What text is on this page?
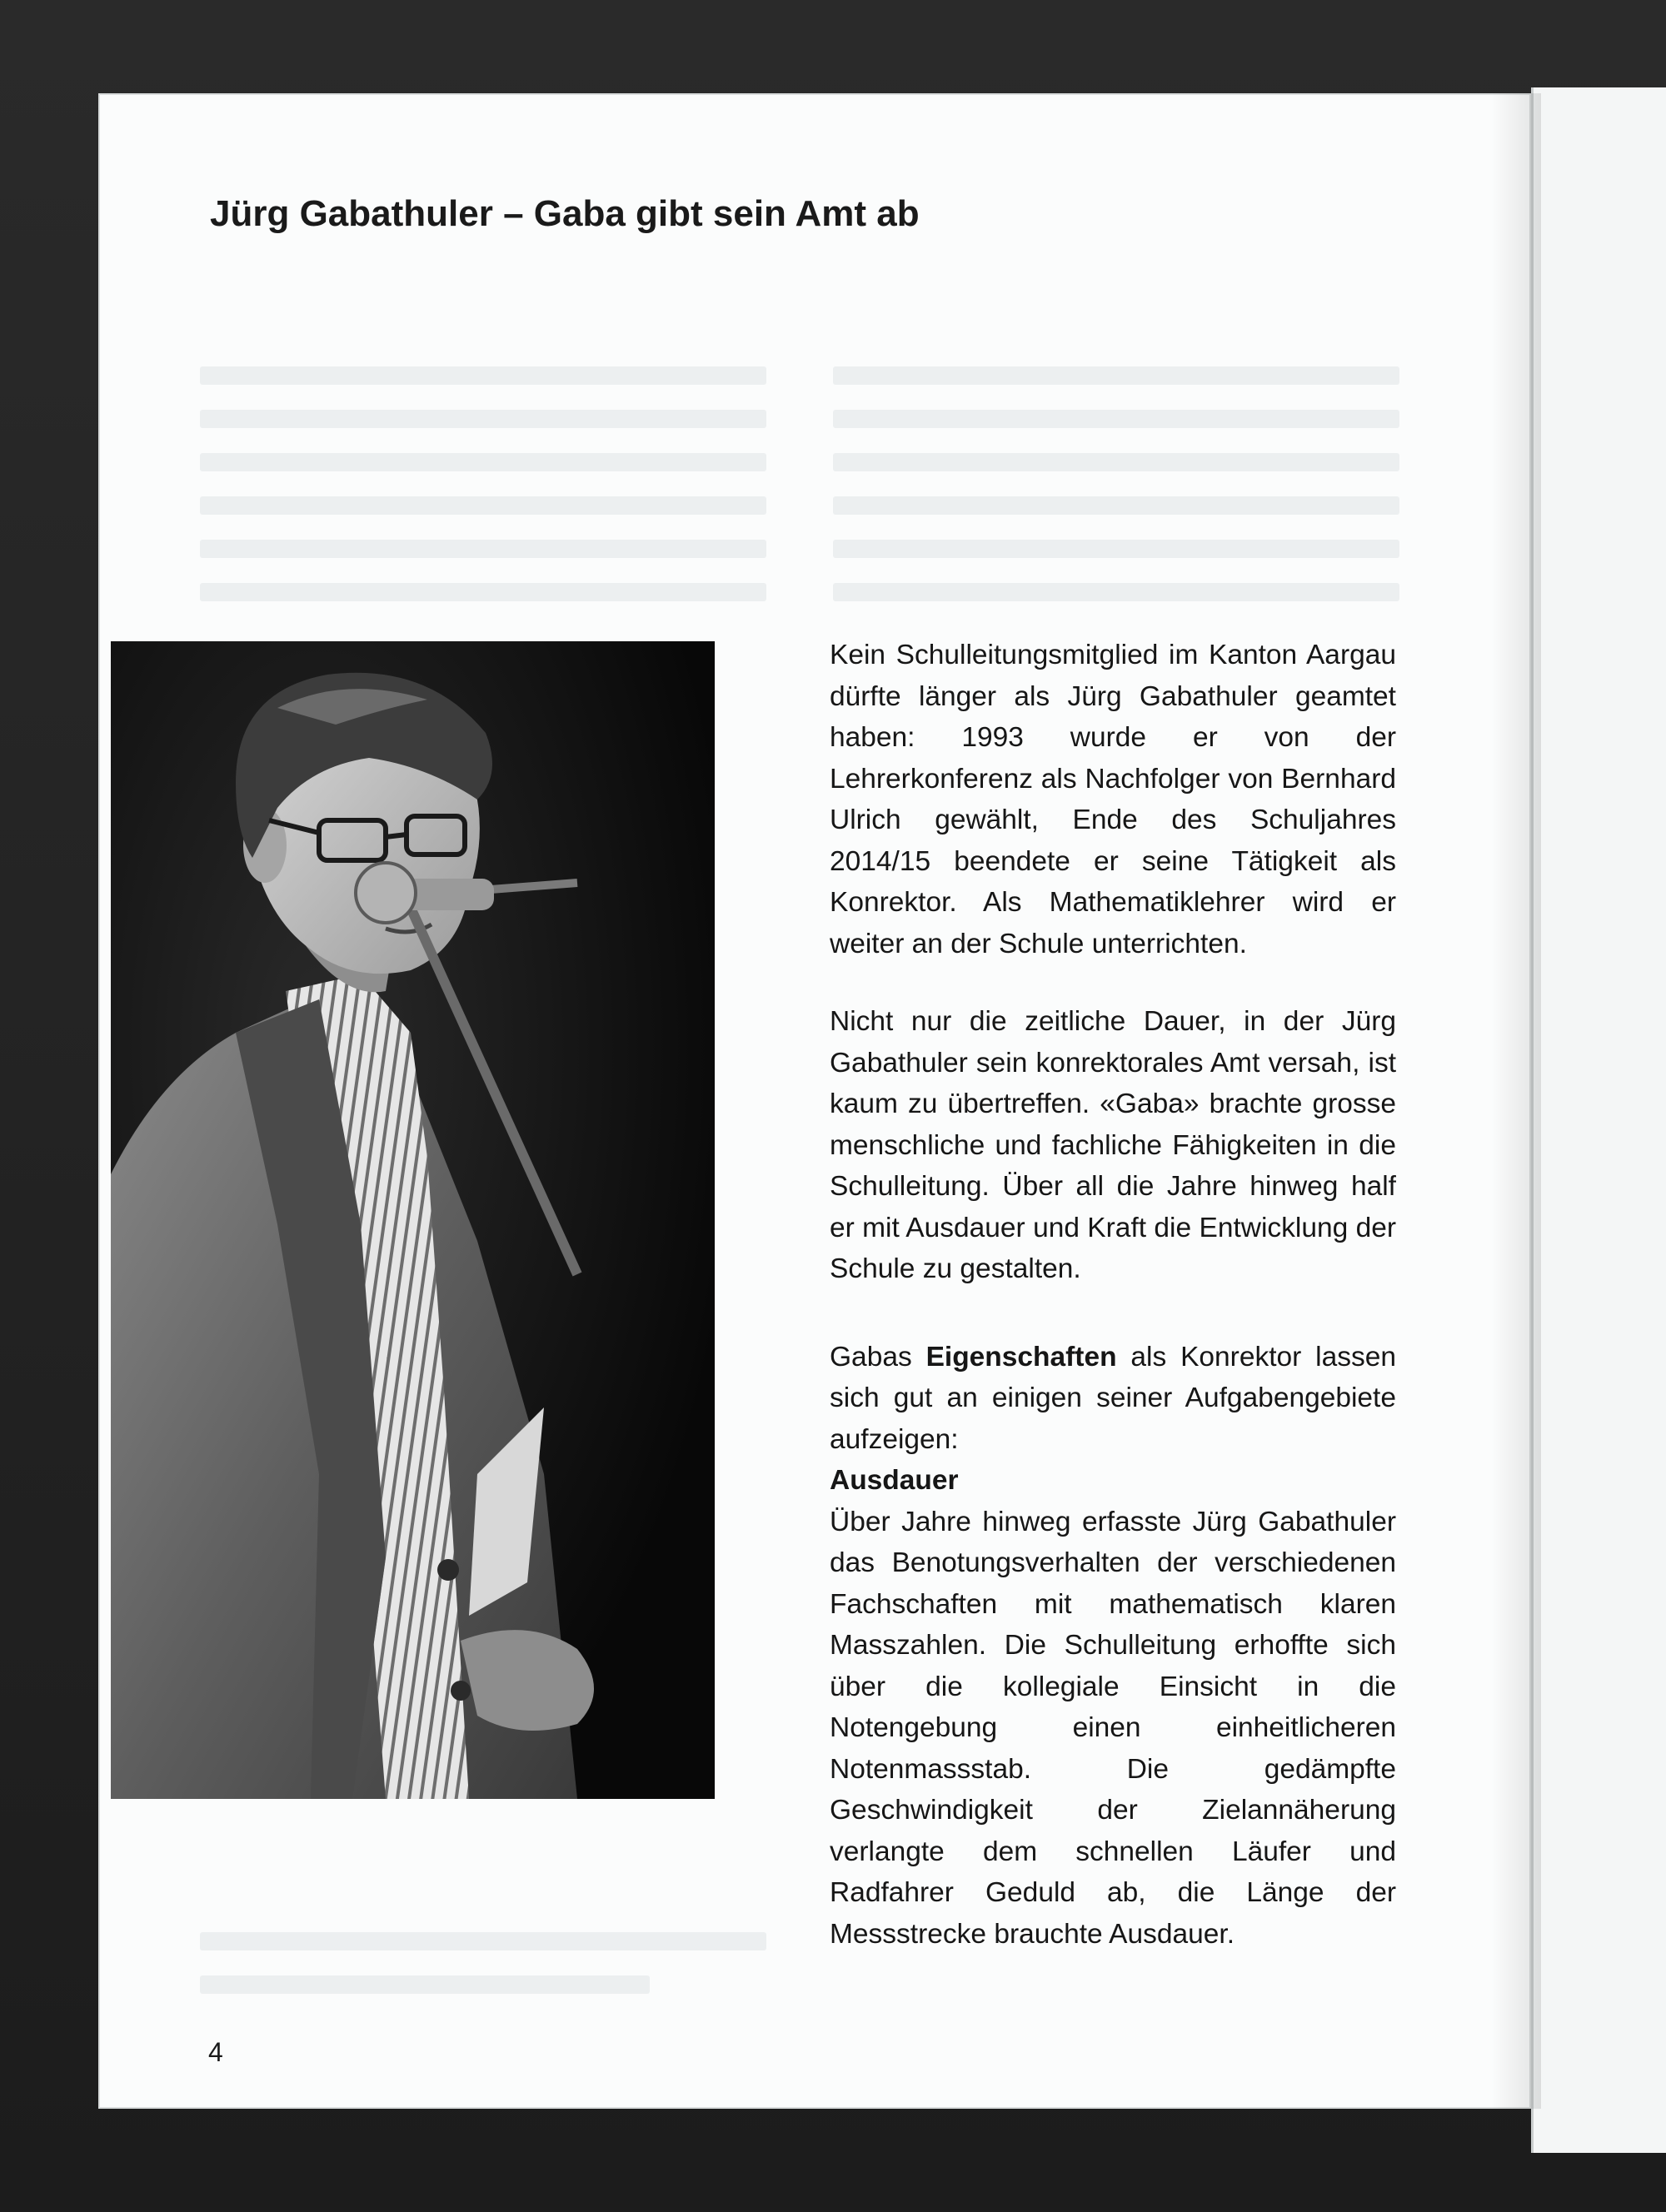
Jürg Gabathuler – Gaba gibt sein Amt ab

Kein Schulleitungsmitglied im Kanton Aargau dürfte länger als Jürg Gabathuler geamtet haben: 1993 wurde er von der Lehrerkonferenz als Nachfolger von Bernhard Ulrich gewählt, Ende des Schuljahres 2014/15 beendete er seine Tätigkeit als Konrektor. Als Mathematiklehrer wird er weiter an der Schule unterrichten.

Nicht nur die zeitliche Dauer, in der Jürg Gabathuler sein konrektorales Amt versah, ist kaum zu übertreffen. «Gaba» brachte grosse menschliche und fachliche Fähigkeiten in die Schulleitung. Über all die Jahre hinweg half er mit Ausdauer und Kraft die Entwicklung der Schule zu gestalten.

Gabas Eigenschaften als Konrektor lassen sich gut an einigen seiner Aufgabengebiete aufzeigen:

Ausdauer

Über Jahre hinweg erfasste Jürg Gabathuler das Benotungsverhalten der verschiedenen Fachschaften mit mathematisch klaren Masszahlen. Die Schulleitung erhoffte sich über die kollegiale Einsicht in die Notengebung einen einheitlicheren Notenmassstab. Die gedämpfte Geschwindigkeit der Zielannäherung verlangte dem schnellen Läufer und Radfahrer Geduld ab, die Länge der Messstrecke brauchte Ausdauer.

4
